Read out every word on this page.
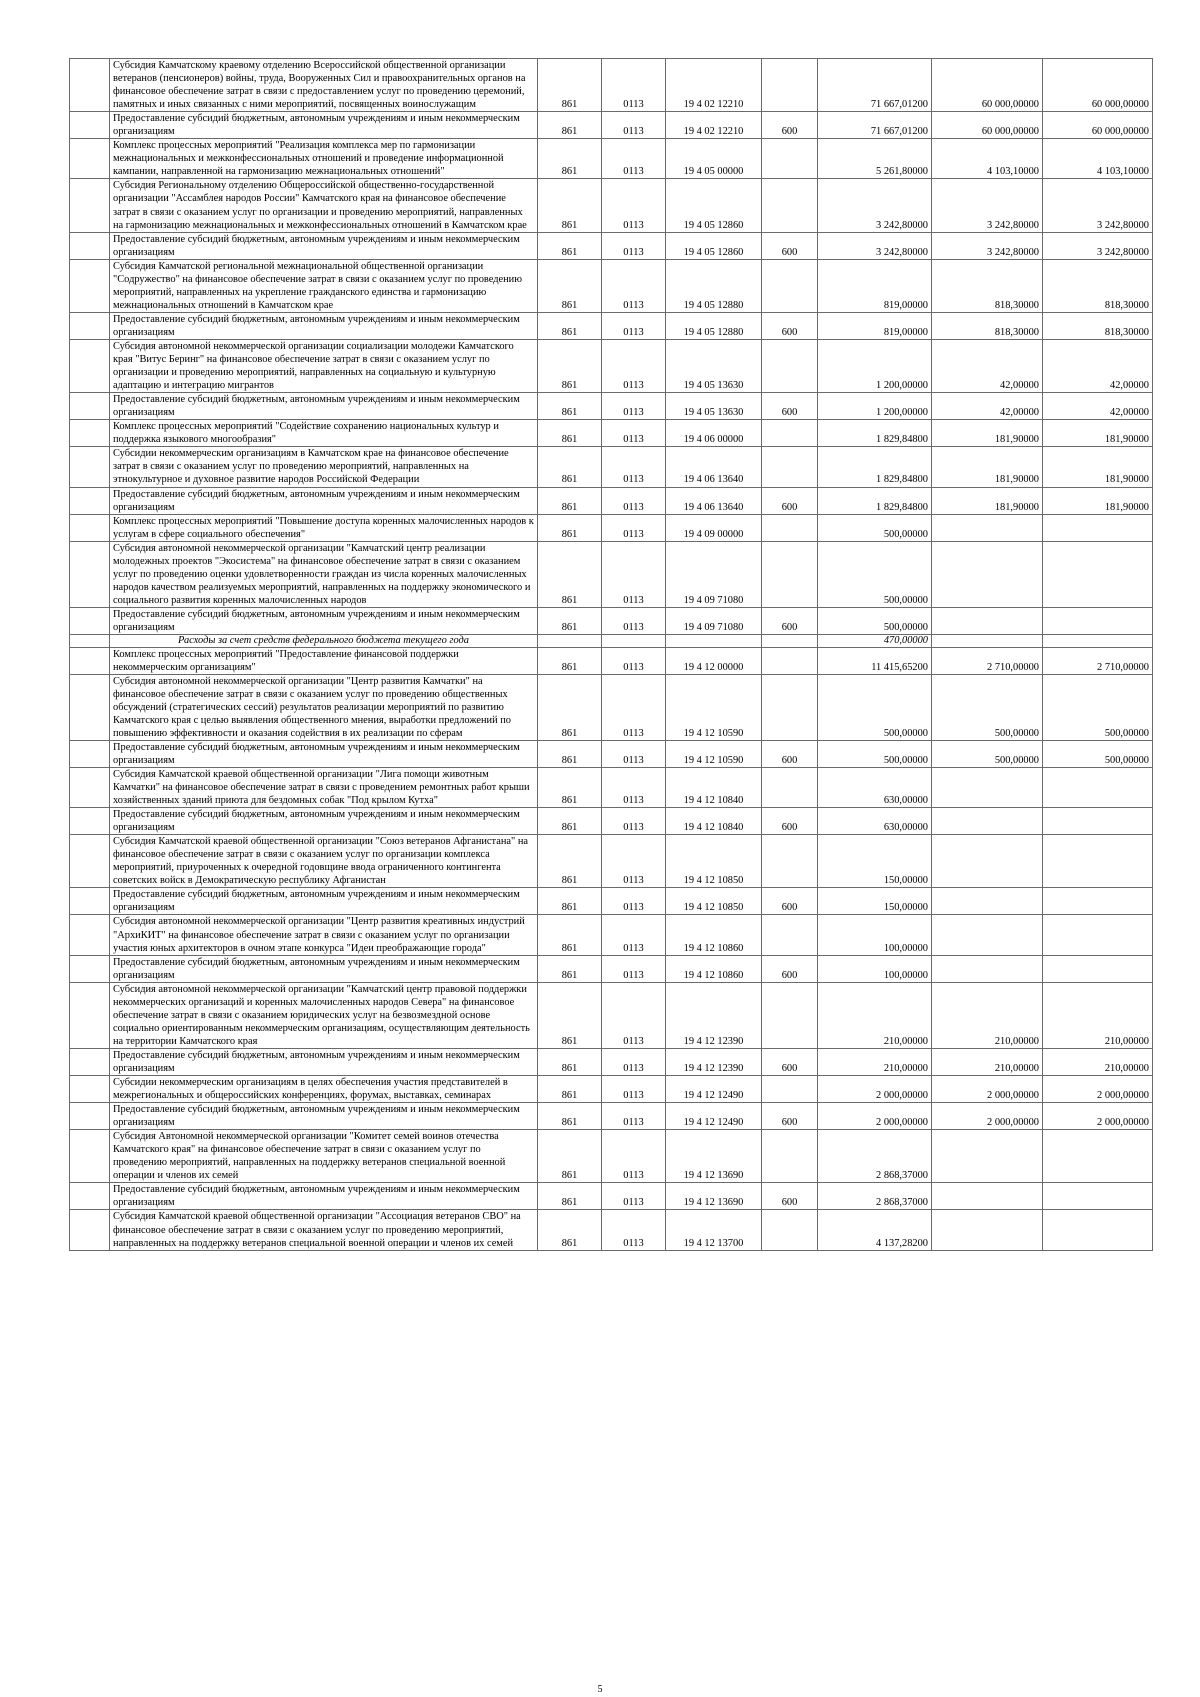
	Субсидия Камчатскому краевому отделению Всероссийской общественной организации ветеранов (пенсионеров) войны, труда, Вооруженных Сил и правоохранительных органов на финансовое обеспечение затрат в связи с предоставлением услуг по проведению церемоний, памятных и иных связанных с ними мероприятий, посвященных воинослужащим	861	0113	19 4 02 12210		71 667,01200	60 000,00000	60 000,00000
	Предоставление субсидий бюджетным, автономным учреждениям и иным некоммерческим организациям	861	0113	19 4 02 12210	600	71 667,01200	60 000,00000	60 000,00000
	Комплекс процессных мероприятий "Реализация комплекса мер по гармонизации межнациональных и межконфессиональных отношений и проведение информационной кампании, направленной на гармонизацию межнациональных отношений"	861	0113	19 4 05 00000		5 261,80000	4 103,10000	4 103,10000
	Субсидия Региональному отделению Общероссийской общественно-государственной организации "Ассамблея народов России" Камчатского края на финансовое обеспечение затрат в связи с оказанием услуг по организации и проведению мероприятий, направленных на гармонизацию межнациональных и межконфессиональных отношений в Камчатском крае	861	0113	19 4 05 12860		3 242,80000	3 242,80000	3 242,80000
	Предоставление субсидий бюджетным, автономным учреждениям и иным некоммерческим организациям	861	0113	19 4 05 12860	600	3 242,80000	3 242,80000	3 242,80000
	Субсидия Камчатской региональной межнациональной общественной организации "Содружество" на финансовое обеспечение затрат в связи с оказанием услуг по проведению мероприятий, направленных на укрепление гражданского единства и гармонизацию межнациональных отношений в Камчатском крае	861	0113	19 4 05 12880		819,00000	818,30000	818,30000
	Предоставление субсидий бюджетным, автономным учреждениям и иным некоммерческим организациям	861	0113	19 4 05 12880	600	819,00000	818,30000	818,30000
	Субсидия автономной некоммерческой организации социализации молодежи Камчатского края "Витус Беринг" на финансовое обеспечение затрат в связи с оказанием услуг по организации и проведению мероприятий, направленных на социальную и культурную адаптацию и интеграцию мигрантов	861	0113	19 4 05 13630		1 200,00000	42,00000	42,00000
	Предоставление субсидий бюджетным, автономным учреждениям и иным некоммерческим организациям	861	0113	19 4 05 13630	600	1 200,00000	42,00000	42,00000
	Комплекс процессных мероприятий "Содействие сохранению национальных культур и поддержка языкового многообразия"	861	0113	19 4 06 00000		1 829,84800	181,90000	181,90000
	Субсидии некоммерческим организациям в Камчатском крае на финансовое обеспечение затрат в связи с оказанием услуг по проведению мероприятий, направленных на этнокультурное и духовное развитие народов Российской Федерации	861	0113	19 4 06 13640		1 829,84800	181,90000	181,90000
	Предоставление субсидий бюджетным, автономным учреждениям и иным некоммерческим организациям	861	0113	19 4 06 13640	600	1 829,84800	181,90000	181,90000
	Комплекс процессных мероприятий "Повышение доступа коренных малочисленных народов к услугам в сфере социального обеспечения"	861	0113	19 4 09 00000		500,00000		
	Субсидия автономной некоммерческой организации "Камчатский центр реализации молодежных проектов "Экосистема" на финансовое обеспечение затрат в связи с оказанием услуг по проведению оценки удовлетворенности граждан из числа коренных малочисленных народов качеством реализуемых мероприятий, направленных на поддержку экономического и социального развития коренных малочисленных народов	861	0113	19 4 09 71080		500,00000		
	Предоставление субсидий бюджетным, автономным учреждениям и иным некоммерческим организациям	861	0113	19 4 09 71080	600	500,00000		
	Расходы за счет средств федерального бюджета текущего года					470,00000		
	Комплекс процессных мероприятий "Предоставление финансовой поддержки некоммерческим организациям"	861	0113	19 4 12 00000		11 415,65200	2 710,00000	2 710,00000
	Субсидия автономной некоммерческой организации "Центр развития Камчатки" на финансовое обеспечение затрат в связи с оказанием услуг по проведению общественных обсуждений (стратегических сессий) результатов реализации мероприятий по развитию Камчатского края с целью выявления общественного мнения, выработки предложений по повышению эффективности и оказания содействия в их реализации по сферам	861	0113	19 4 12 10590		500,00000	500,00000	500,00000
	Предоставление субсидий бюджетным, автономным учреждениям и иным некоммерческим организациям	861	0113	19 4 12 10590	600	500,00000	500,00000	500,00000
	Субсидия Камчатской краевой общественной организации "Лига помощи животным Камчатки" на финансовое обеспечение затрат в связи с проведением ремонтных работ крыши хозяйственных зданий приюта для бездомных собак "Под крылом Кутха"	861	0113	19 4 12 10840		630,00000		
	Предоставление субсидий бюджетным, автономным учреждениям и иным некоммерческим организациям	861	0113	19 4 12 10840	600	630,00000		
	Субсидия Камчатской краевой общественной организации "Союз ветеранов Афганистана" на финансовое обеспечение затрат в связи с оказанием услуг по организации комплекса мероприятий, приуроченных к очередной годовщине ввода ограниченного контингента советских войск в Демократическую республику Афганистан	861	0113	19 4 12 10850		150,00000		
	Предоставление субсидий бюджетным, автономным учреждениям и иным некоммерческим организациям	861	0113	19 4 12 10850	600	150,00000		
	Субсидия автономной некоммерческой организации "Центр развития креативных индустрий "АрхиКИТ" на финансовое обеспечение затрат в связи с оказанием услуг по организации участия юных архитекторов в очном этапе конкурса "Идеи преображающие города"	861	0113	19 4 12 10860		100,00000		
	Предоставление субсидий бюджетным, автономным учреждениям и иным некоммерческим организациям	861	0113	19 4 12 10860	600	100,00000		
	Субсидия автономной некоммерческой организации "Камчатский центр правовой поддержки некоммерческих организаций и коренных малочисленных народов Севера" на финансовое обеспечение затрат в связи с оказанием юридических услуг на безвозмездной основе социально ориентированным некоммерческим организациям, осуществляющим деятельность на территории Камчатского края	861	0113	19 4 12 12390		210,00000	210,00000	210,00000
	Предоставление субсидий бюджетным, автономным учреждениям и иным некоммерческим организациям	861	0113	19 4 12 12390	600	210,00000	210,00000	210,00000
	Субсидии некоммерческим организациям в целях обеспечения участия представителей в межрегиональных и общероссийских конференциях, форумах, выставках, семинарах	861	0113	19 4 12 12490		2 000,00000	2 000,00000	2 000,00000
	Предоставление субсидий бюджетным, автономным учреждениям и иным некоммерческим организациям	861	0113	19 4 12 12490	600	2 000,00000	2 000,00000	2 000,00000
	Субсидия Автономной некоммерческой организации "Комитет семей воинов отечества Камчатского края" на финансовое обеспечение затрат в связи с оказанием услуг по проведению мероприятий, направленных на поддержку ветеранов специальной военной операции и членов их семей	861	0113	19 4 12 13690		2 868,37000		
	Предоставление субсидий бюджетным, автономным учреждениям и иным некоммерческим организациям	861	0113	19 4 12 13690	600	2 868,37000		
	Субсидия Камчатской краевой общественной организации "Ассоциация ветеранов СВО" на финансовое обеспечение затрат в связи с оказанием услуг по проведению мероприятий, направленных на поддержку ветеранов специальной военной операции и членов их семей	861	0113	19 4 12 13700		4 137,28200		
5
